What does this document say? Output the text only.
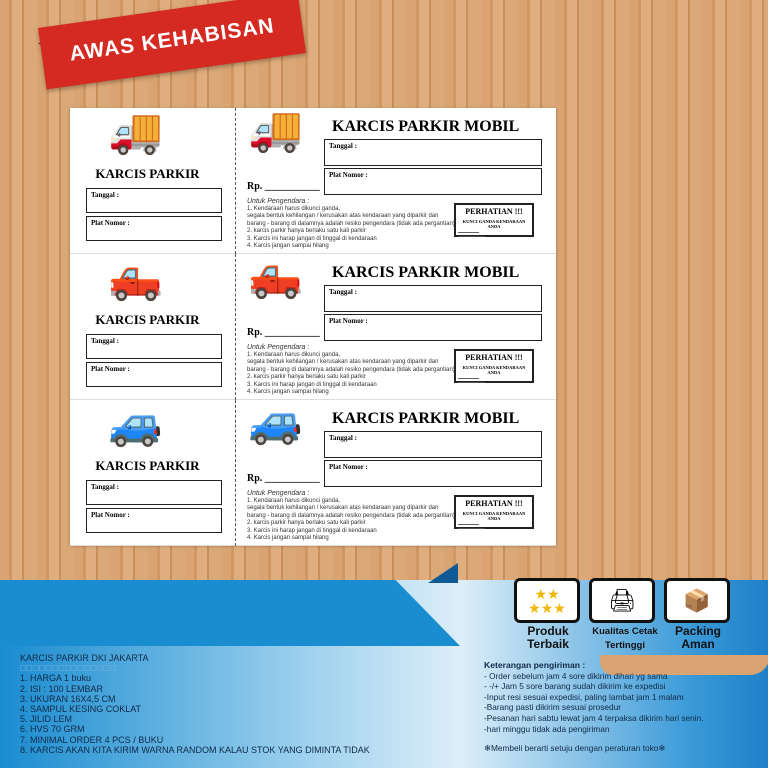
AWAS KEHABISAN
🚚
KARCIS PARKIR
Tanggal :
Plat Nomor :
🚚 KARCIS PARKIR MOBIL
Tanggal :
Plat Nomor :
Rp. ___________
Untuk Pengendara :
1. Kendaraan harus dikunci ganda,
segala bentuk kehilangan / kerusakan atas kendaraan yang diparkir dan
barang - barang di dalamnya adalah resiko pengendara (tidak ada pergantian)
2. karcis parkir hanya berlaku satu kali parkir
3. Karcis ini harap jangan di tinggal di kendaraan
4. Karcis jangan sampai hilang
PERHATIAN !!!
KUNCI GANDA KENDARAAN ANDA
▬▬▬▬▬▬▬
▬▬▬▬▬▬▬▬▬
🛻
KARCIS PARKIR
Tanggal :
Plat Nomor :
🛻 KARCIS PARKIR MOBIL
Tanggal :
Plat Nomor :
Rp. ___________
Untuk Pengendara :
1. Kendaraan harus dikunci ganda,
segala bentuk kehilangan / kerusakan atas kendaraan yang diparkir dan
barang - barang di dalamnya adalah resiko pengendara (tidak ada pergantian)
2. karcis parkir hanya berlaku satu kali parkir
3. Karcis ini harap jangan di tinggal di kendaraan
4. Karcis jangan sampai hilang
PERHATIAN !!!
KUNCI GANDA KENDARAAN ANDA
▬▬▬▬▬▬▬
▬▬▬▬▬▬▬▬▬
🚙
KARCIS PARKIR
Tanggal :
Plat Nomor :
🚙 KARCIS PARKIR MOBIL
Tanggal :
Plat Nomor :
Rp. ___________
Untuk Pengendara :
1. Kendaraan harus dikunci ganda,
segala bentuk kehilangan / kerusakan atas kendaraan yang diparkir dan
barang - barang di dalamnya adalah resiko pengendara (tidak ada pergantian)
2. karcis parkir hanya berlaku satu kali parkir
3. Karcis ini harap jangan di tinggal di kendaraan
4. Karcis jangan sampai hilang
PERHATIAN !!!
KUNCI GANDA KENDARAAN ANDA
▬▬▬▬▬▬▬
▬▬▬▬▬▬▬▬▬
KARCIS PARKIR DKI JAKARTA
□□□□□□□□□□□□□□□
1. HARGA 1 buku
2. ISI : 100 LEMBAR
3. UKURAN 16X4,5 CM
4. SAMPUL KESING COKLAT
5. JILID LEM
6. HVS 70 GRM
7. MINIMAL ORDER 4 PCS / BUKU
8. KARCIS AKAN KITA KIRIM WARNA RANDOM KALAU STOK YANG DIMINTA TIDAK
Keterangan pengiriman :
- Order sebelum jam 4 sore dikirim dihari yg sama
- -/+ Jam 5 sore barang sudah dikirim ke expedisi
-Input resi sesuai expedisi, paling lambat jam 1 malam
-Barang pasti dikirim sesuai prosedur
-Pesanan hari sabtu lewat jam 4 terpaksa dikirim hari senin.
-hari minggu tidak ada pengiriman
❄Membeli berarti setuju dengan peraturan toko❄
★★
★★★	🖨	📦
Produk
Terbaik
Kualitas Cetak
Tertinggi
Packing
Aman
